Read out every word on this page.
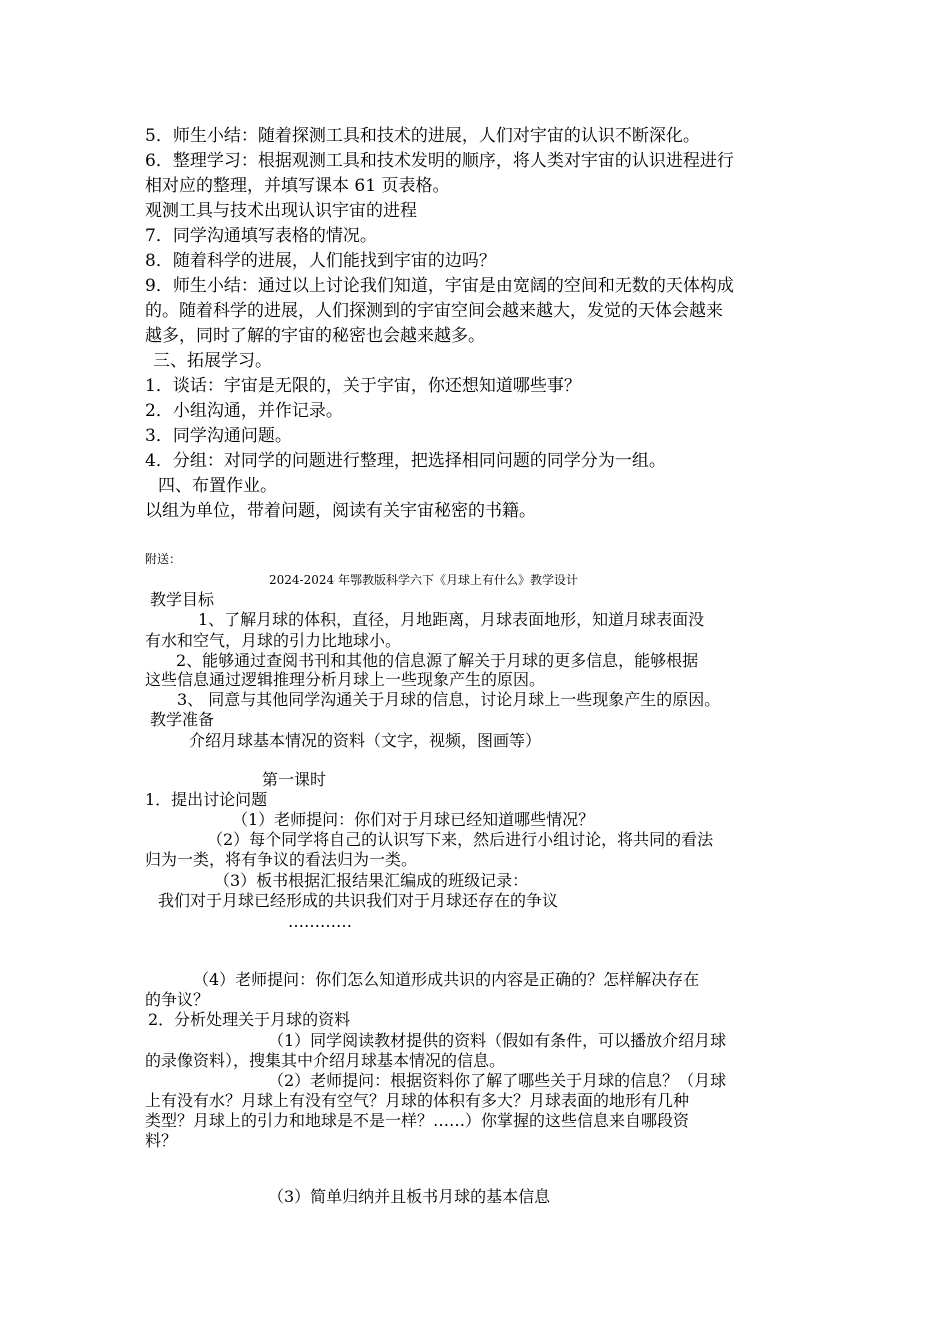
5．师生小结：随着探测工具和技术的进展，人们对宇宙的认识不断深化。
6．整理学习：根据观测工具和技术发明的顺序，将人类对宇宙的认识进程进行
相对应的整理，并填写课本 61 页表格。
观测工具与技术出现认识宇宙的进程
7．同学沟通填写表格的情况。
8．随着科学的进展，人们能找到宇宙的边吗？
9．师生小结：通过以上讨论我们知道，宇宙是由宽阔的空间和无数的天体构成
的。随着科学的进展，人们探测到的宇宙空间会越来越大，发觉的天体会越来
越多，同时了解的宇宙的秘密也会越来越多。
三、拓展学习。
1．谈话：宇宙是无限的，关于宇宙，你还想知道哪些事？
2．小组沟通，并作记录。
3．同学沟通问题。
4．分组：对同学的问题进行整理，把选择相同问题的同学分为一组。
四、布置作业。
以组为单位，带着问题，阅读有关宇宙秘密的书籍。
附送：
2024-2024 年鄂教版科学六下《月球上有什么》教学设计
教学目标
1、了解月球的体积，直径，月地距离，月球表面地形，知道月球表面没
有水和空气，月球的引力比地球小。
2、能够通过查阅书刊和其他的信息源了解关于月球的更多信息，能够根据
这些信息通过逻辑推理分析月球上一些现象产生的原因。
3、 同意与其他同学沟通关于月球的信息，讨论月球上一些现象产生的原因。
教学准备
介绍月球基本情况的资料（文字，视频，图画等）
第一课时
1．提出讨论问题
（1）老师提问：你们对于月球已经知道哪些情况？
（2）每个同学将自己的认识写下来，然后进行小组讨论，将共同的看法
归为一类，将有争议的看法归为一类。
（3）板书根据汇报结果汇编成的班级记录：
我们对于月球已经形成的共识我们对于月球还存在的争议
…………
（4）老师提问：你们怎么知道形成共识的内容是正确的？怎样解决存在
的争议？
2．分析处理关于月球的资料
（1）同学阅读教材提供的资料（假如有条件，可以播放介绍月球
的录像资料），搜集其中介绍月球基本情况的信息。
（2）老师提问：根据资料你了解了哪些关于月球的信息？（月球
上有没有水？月球上有没有空气？月球的体积有多大？月球表面的地形有几种
类型？月球上的引力和地球是不是一样？……）你掌握的这些信息来自哪段资
料？
（3）简单归纳并且板书月球的基本信息
